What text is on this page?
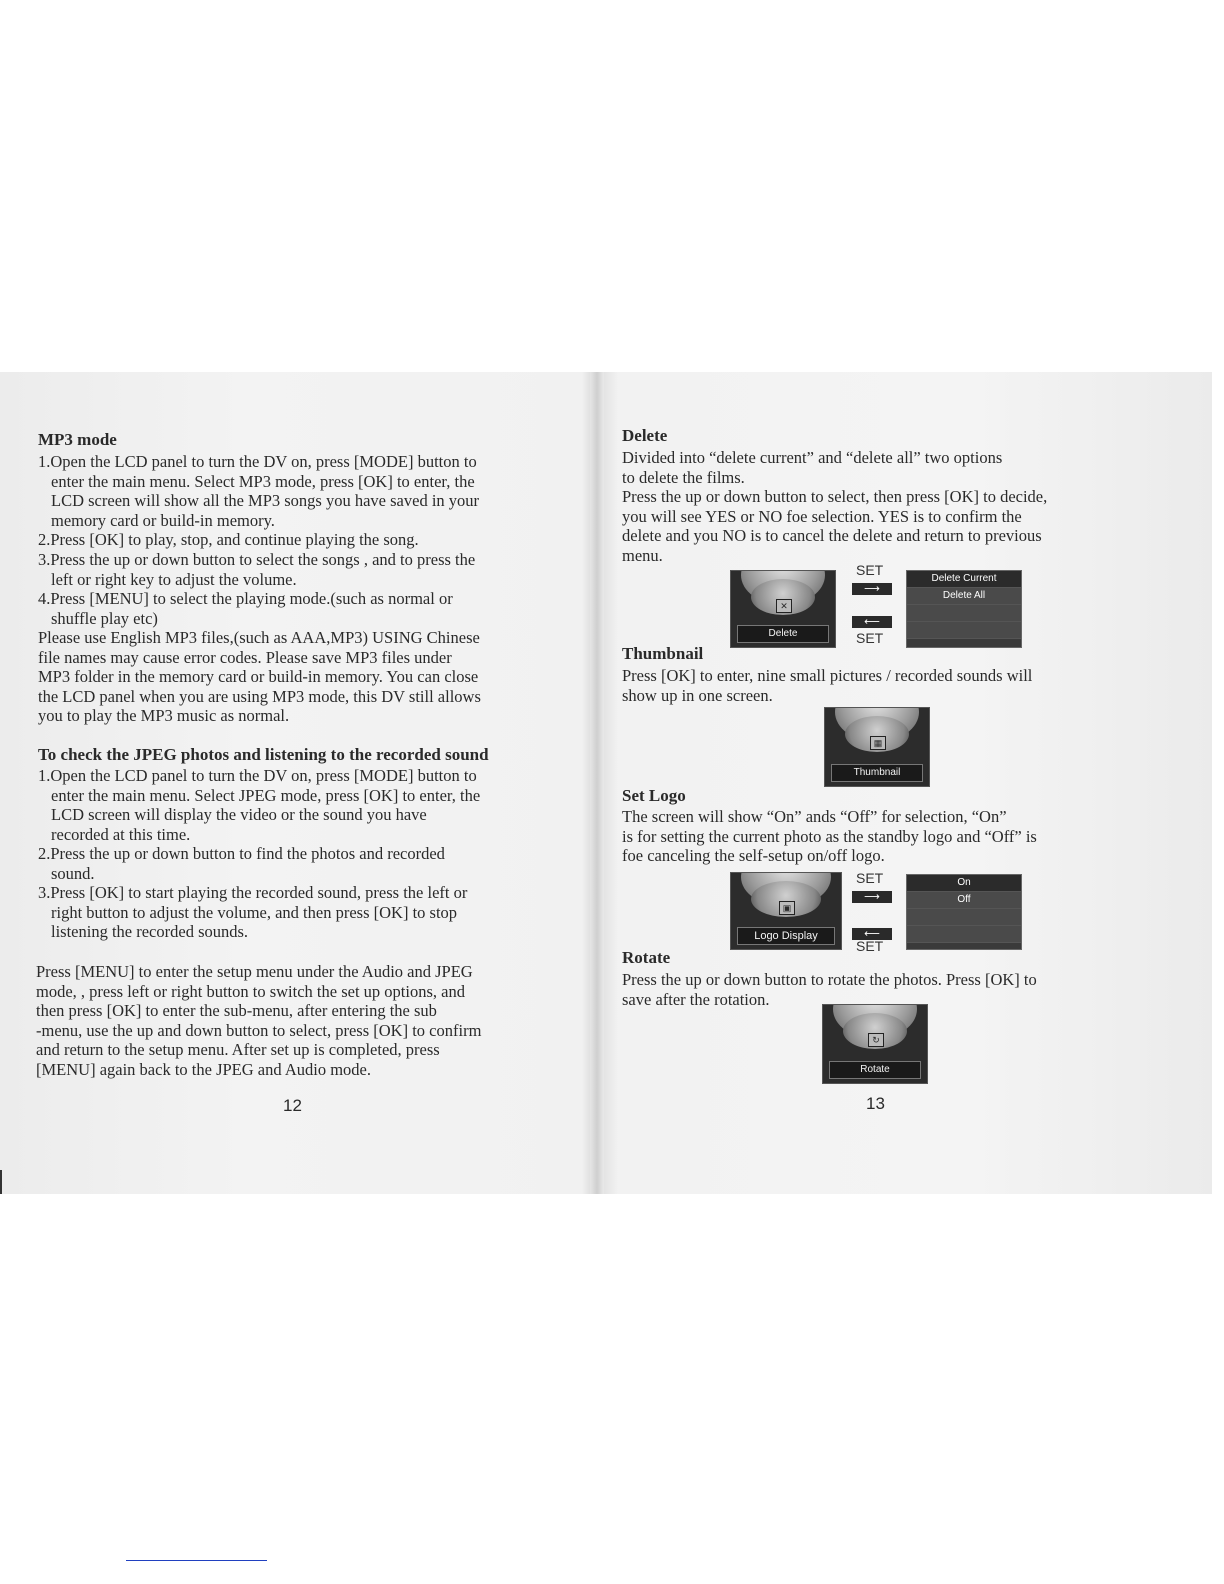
MP3 mode
1.Open the LCD panel to turn the DV on, press [MODE] button to
enter the main menu. Select MP3 mode, press [OK] to enter, the
LCD screen will show all the MP3 songs you have saved in your
memory card or build-in memory.
2.Press [OK] to play, stop, and continue playing the song.
3.Press the up or down button to select the songs , and to press the
left or right key to adjust the volume.
4.Press [MENU] to select the playing mode.(such as normal or
shuffle play etc)
Please use English MP3 files,(such as AAA,MP3) USING Chinese
file names may cause error codes. Please save MP3 files under
MP3 folder in the memory card or build-in memory. You can close
the LCD panel when you are using MP3 mode, this DV still allows
you to play the MP3 music as normal.
To check the JPEG photos and listening to the recorded sound
1.Open the LCD panel to turn the DV on, press [MODE] button to
enter the main menu. Select JPEG mode, press [OK] to enter, the
LCD screen will display the video or the sound you have
recorded at this time.
2.Press the up or down button to find the photos and recorded
sound.
3.Press [OK] to start playing the recorded sound, press the left or
right button to adjust the volume, and then press [OK] to stop
listening the recorded sounds.
Press [MENU] to enter the setup menu under the Audio and JPEG
mode, , press left or right button to switch the set up options, and
then press [OK] to enter the sub-menu, after entering the sub
-menu, use the up and down button to select, press [OK] to confirm
and return to the setup menu. After set up is completed, press
[MENU] again back to the JPEG and Audio mode.
12
Delete
Divided into “delete current” and “delete all” two options
to delete the films.
Press the up or down button to select, then press [OK] to decide,
you will see YES or NO foe selection. YES is to confirm the
delete and you NO is to cancel the delete and return to previous
menu.
✕
Delete
SET
⟶
⟵
SET
Delete Current
Delete All
Thumbnail
Press [OK] to enter, nine small pictures / recorded sounds will
show up in one screen.
▦
Thumbnail
Set Logo
The screen will show “On” ands “Off” for selection, “On”
is for setting the current photo as the standby logo and “Off” is
foe canceling the self-setup on/off logo.
▣
Logo Display
SET
⟶
⟵
SET
On
Off
Rotate
Press the up or down button to rotate the photos. Press [OK] to
save after the rotation.
↻
Rotate
13
